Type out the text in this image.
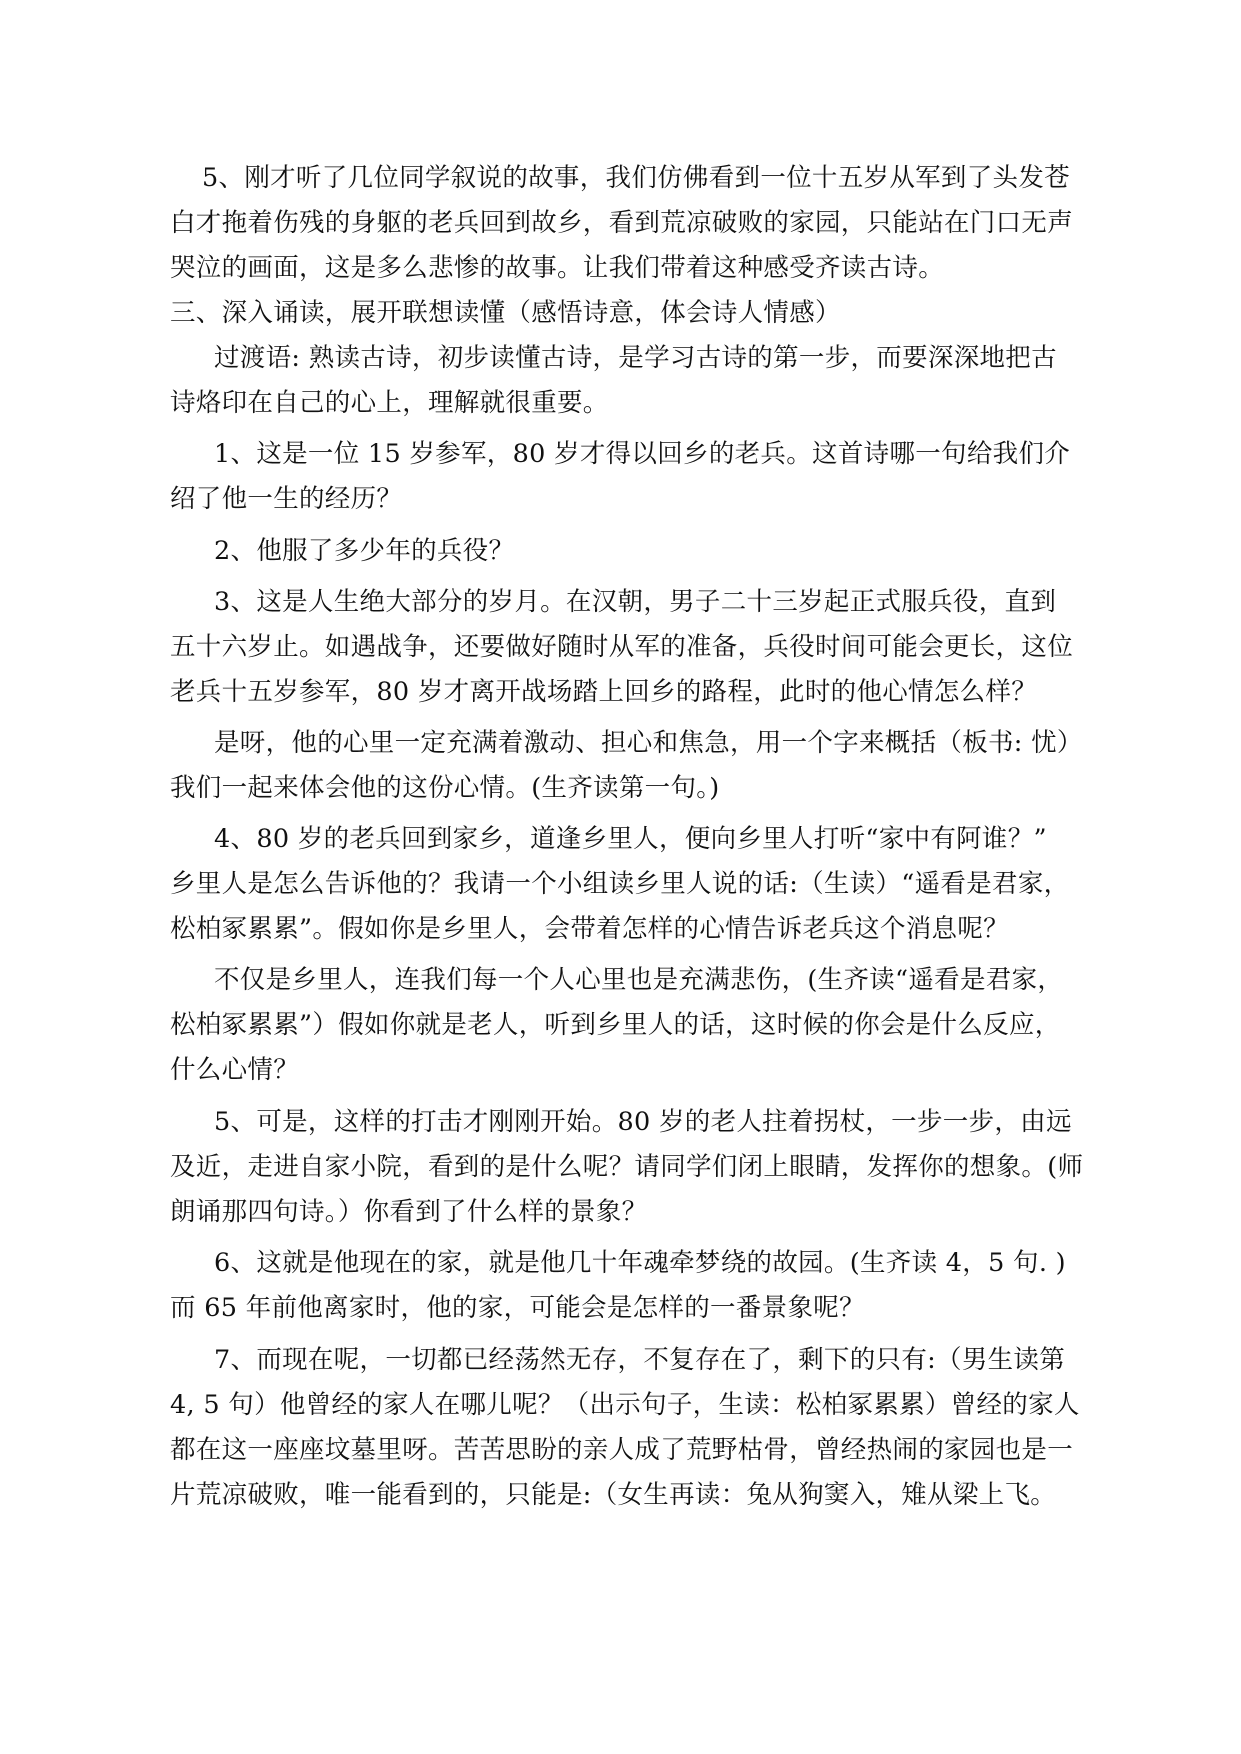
5、刚才听了几位同学叙说的故事，我们仿佛看到一位十五岁从军到了头发苍
白才拖着伤残的身躯的老兵回到故乡，看到荒凉破败的家园，只能站在门口无声
哭泣的画面，这是多么悲惨的故事。让我们带着这种感受齐读古诗。
三、深入诵读，展开联想读懂（感悟诗意，体会诗人情感）
过渡语: 熟读古诗，初步读懂古诗，是学习古诗的第一步，而要深深地把古
诗烙印在自己的心上，理解就很重要。
1、这是一位 15 岁参军，80 岁才得以回乡的老兵。这首诗哪一句给我们介
绍了他一生的经历？
2、他服了多少年的兵役？
3、这是人生绝大部分的岁月。在汉朝，男子二十三岁起正式服兵役，直到
五十六岁止。如遇战争，还要做好随时从军的准备，兵役时间可能会更长，这位
老兵十五岁参军，80 岁才离开战场踏上回乡的路程，此时的他心情怎么样？
是呀，他的心里一定充满着激动、担心和焦急，用一个字来概括（板书: 忧）
我们一起来体会他的这份心情。(生齐读第一句。)
4、80 岁的老兵回到家乡，道逢乡里人，便向乡里人打听“家中有阿谁？”
乡里人是怎么告诉他的？我请一个小组读乡里人说的话:（生读）“遥看是君家，
松柏冢累累”。假如你是乡里人，会带着怎样的心情告诉老兵这个消息呢？
不仅是乡里人，连我们每一个人心里也是充满悲伤，(生齐读“遥看是君家，
松柏冢累累”）假如你就是老人，听到乡里人的话，这时候的你会是什么反应，
什么心情？
5、可是，这样的打击才刚刚开始。80 岁的老人拄着拐杖，一步一步，由远
及近，走进自家小院，看到的是什么呢？请同学们闭上眼睛，发挥你的想象。(师
朗诵那四句诗。）你看到了什么样的景象？
6、这就是他现在的家，就是他几十年魂牵梦绕的故园。(生齐读 4，5 句. )
而 65 年前他离家时，他的家，可能会是怎样的一番景象呢？
7、而现在呢，一切都已经荡然无存，不复存在了，剩下的只有:（男生读第
4, 5 句）他曾经的家人在哪儿呢？（出示句子，生读：松柏冢累累）曾经的家人
都在这一座座坟墓里呀。苦苦思盼的亲人成了荒野枯骨，曾经热闹的家园也是一
片荒凉破败，唯一能看到的，只能是:（女生再读：兔从狗窦入，雉从梁上飞。
